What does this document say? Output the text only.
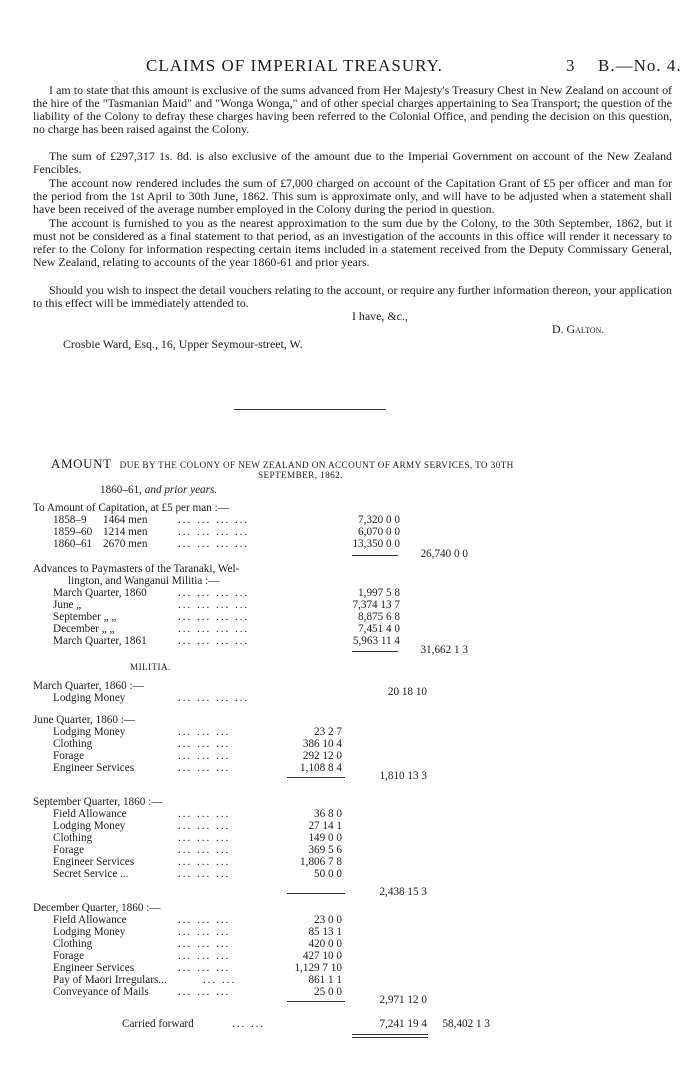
CLAIMS OF IMPERIAL TREASURY.	3 B.—No. 4.
I am to state that this amount is exclusive of the sums advanced from Her Majesty's Treasury Chest in New Zealand on account of the hire of the "Tasmanian Maid" and "Wonga Wonga," and of other special charges appertaining to Sea Transport; the question of the liability of the Colony to defray these charges having been referred to the Colonial Office, and pending the decision on this question, no charge has been raised against the Colony.
The sum of £297,317 1s. 8d. is also exclusive of the amount due to the Imperial Government on account of the New Zealand Fencibles.
The account now rendered includes the sum of £7,000 charged on account of the Capitation Grant of £5 per officer and man for the period from the 1st April to 30th June, 1862. This sum is approximate only, and will have to be adjusted when a statement shall have been received of the average number employed in the Colony during the period in question.
The account is furnished to you as the nearest approximation to the sum due by the Colony, to the 30th September, 1862, but it must not be considered as a final statement to that period, as an investigation of the accounts in this office will render it necessary to refer to the Colony for information respecting certain items included in a statement received from the Deputy Commissary General, New Zealand, relating to accounts of the year 1860-61 and prior years.
Should you wish to inspect the detail vouchers relating to the account, or require any further information thereon, your application to this effect will be immediately attended to.
I have, &c.,
D. Galton.
Crosbie Ward, Esq., 16, Upper Seymour-street, W.
AMOUNT DUE BY THE COLONY OF NEW ZEALAND ON ACCOUNT OF ARMY SERVICES, TO 30TH
SEPTEMBER, 1862.
1860–61, and prior years.
To Amount of Capitation, at £5 per man :—
1858–9 1464 men	... ... ... ...	7,320 0 0
1859–60 1214 men	... ... ... ...	6,070 0 0
1860–61 2670 men	... ... ... ...	13,350 0 0
26,740 0 0
Advances to Paymasters of the Taranaki, Wel-
lington, and Wanganui Militia :—
March Quarter, 1860	... ... ... ...	1,997 5 8
June „	... ... ... ...	7,374 13 7
September „ „	... ... ... ...	8,875 6 8
December „ „	... ... ... ...	7,451 4 0
March Quarter, 1861	... ... ... ...	5,963 11 4
31,662 1 3
MILITIA.
March Quarter, 1860 :—
Lodging Money	... ... ... ...	20 18 10
June Quarter, 1860 :—
Lodging Money	... ... ...	23 2 7
Clothing	... ... ...	386 10 4
Forage	... ... ...	292 12 0
Engineer Services	... ... ...	1,108 8 4
1,810 13 3
September Quarter, 1860 :—
Field Allowance	... ... ...	36 8 0
Lodging Money	... ... ...	27 14 1
Clothing	... ... ...	149 0 0
Forage	... ... ...	369 5 6
Engineer Services	... ... ...	1,806 7 8
Secret Service ...	... ... ...	50 0 0
2,438 15 3
December Quarter, 1860 :—
Field Allowance	... ... ...	23 0 0
Lodging Money	... ... ...	85 13 1
Clothing	... ... ...	420 0 0
Forage	... ... ...	427 10 0
Engineer Services	... ... ...	1,129 7 10
Pay of Maori Irregulars...	... ...	861 1 1
Conveyance of Mails	... ... ...	25 0 0
2,971 12 0
Carried forward	... ...	7,241 19 4	58,402 1 3
